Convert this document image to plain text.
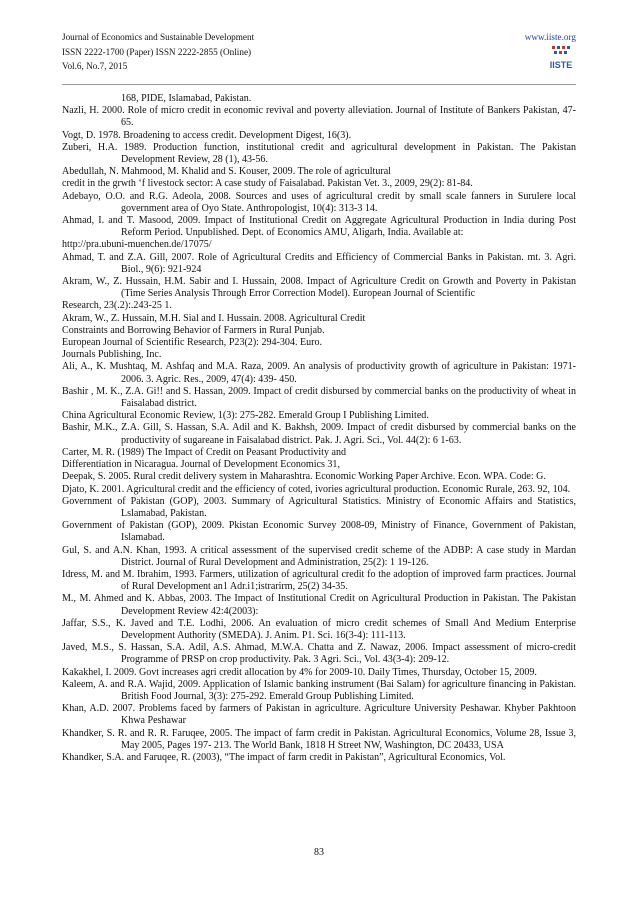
Journal of Economics and Sustainable Development
ISSN 2222-1700 (Paper) ISSN 2222-2855 (Online)
Vol.6, No.7, 2015
www.iiste.org
IISTE

168, PIDE, Islamabad, Pakistan.

Nazli, H. 2000. Role of micro credit in economic revival and poverty alleviation. Journal of Institute of Bankers Pakistan, 47-65.

Vogt, D. 1978. Broadening to access credit. Development Digest, 16(3).

Zuberi, H.A. 1989. Production function, institutional credit and agricultural development in Pakistan. The Pakistan Development Review, 28 (1), 43-56.

Abedullah, N. Mahmood, M. Khalid and S. Kouser, 2009. The role of agricultural

credit in the grwth ‘f livestock sector: A case study of Faisalabad. Pakistan Vet. 3., 2009, 29(2): 81-84.

Adebayo, O.O. and R.G. Adeola, 2008. Sources and uses of agricultural credit by small scale fanners in Surulere local government area of Oyo State. Anthropologist, 10(4): 313-3 14.

Ahmad, I. and T. Masood, 2009. Impact of Institutional Credit on Aggregate Agricultural Production in India during Post Reform Period. Unpublished. Dept. of Economics AMU, Aligarh, India. Available at:

http://pra.ubuni-muenchen.de/17075/

Ahmad, T. and Z.A. Gill, 2007. Role of Agricultural Credits and Efficiency of Commercial Banks in Pakistan. mt. 3. Agri. Biol., 9(6): 921-924

Akram, W., Z. Hussain, H.M. Sabir and I. Hussain, 2008. Impact of Agriculture Credit on Growth and Poverty in Pakistan (Time Series Analysis Through Error Correction Model). European Journal of Scientific

Research, 23(.2):.243-25 1.

Akram, W., Z. Hussain, M.H. Sial and I. Hussain. 2008. Agricultural Credit

Constraints and Borrowing Behavior of Farmers in Rural Punjab.

European Journal of Scientific Research, P23(2): 294-304. Euro.

Journals Publishing, Inc.

Ali, A., K. Mushtaq, M. Ashfaq and M.A. Raza, 2009. An analysis of productivity growth of agriculture in Pakistan: 1971-2006. 3. Agric. Res., 2009, 47(4): 439- 450.

Bashir , M. K., Z.A. Gi!! and S. Hassan, 2009. Impact of credit disbursed by commercial banks on the productivity of wheat in Faisalabad district.

China Agricultural Economic Review, 1(3): 275-282. Emerald Group I Publishing Limited.

Bashir, M.K., Z.A. Gill, S. Hassan, S.A. Adil and K. Bakhsh, 2009. Impact of credit disbursed by commercial banks on the productivity of sugareane in Faisalabad district. Pak. J. Agri. Sci., Vol. 44(2): 6 1-63.

Carter, M. R. (1989) The Impact of Credit on Peasant Productivity and

Differentiation in Nicaragua. Journal of Development Economics 31,

Deepak, S. 2005. Rural credit delivery system in Maharashtra. Economic Working Paper Archive. Econ. WPA. Code: G.

Djato, K. 2001. Agricultural credit and the efficiency of coted, ivories agricultural production. Economic Rurale, 263. 92, 104.

Government of Pakistan (GOP), 2003. Summary of Agricultural Statistics. Ministry of Economic Affairs and Statistics, Lslamabad, Pakistan.

Government of Pakistan (GOP), 2009. Pkistan Economic Survey 2008-09, Ministry of Finance, Government of Pakistan, Islamabad.

Gul, S. and A.N. Khan, 1993. A critical assessment of the supervised credit scheme of the ADBP: A case study in Mardan District. Journal of Rural Development and Administration, 25(2): 1 19-126.

Idress, M. and M. Ibrahim, 1993. Farmers, utilization of agricultural credit fo the adoption of improved farm practices. Journal of Rural Development an1 Adr.i1;istrarirm, 25(2) 34-35.

M., M. Ahmed and K. Abbas, 2003. The Impact of Institutional Credit on Agricultural Production in Pakistan. The Pakistan Development Review 42:4(2003):

Jaffar, S.S., K. Javed and T.E. Lodhi, 2006. An evaluation of micro credit schemes of Small And Medium Enterprise Development Authority (SMEDA). J. Anim. P1. Sci. 16(3-4): 111-113.

Javed, M.S., S. Hassan, S.A. Adil, A.S. Ahmad, M.W.A. Chatta and Z. Nawaz, 2006. Impact assessment of micro-credit Programme of PRSP on crop productivity. Pak. 3 Agri. Sci., Vol. 43(3-4): 209-12.

Kakakhel, I. 2009. Govt increases agri credit allocation by 4% for 2009-10. Daily Times, Thursday, October 15, 2009.

Kaleem, A. and R.A. Wajid, 2009. Application of Islamic banking instrument (Bai Salam) for agriculture financing in Pakistan. British Food Journal, 3(3): 275-292. Emerald Group Publishing Limited.

Khan, A.D. 2007. Problems faced by farmers of Pakistan in agriculture. Agriculture University Peshawar. Khyber Pakhtoon Khwa Peshawar

Khandker, S. R. and R. R. Faruqee, 2005. The impact of farm credit in Pakistan. Agricultural Economics, Volume 28, Issue 3, May 2005, Pages 197- 213. The World Bank, 1818 H Street NW, Washington, DC 20433, USA

Khandker, S.A. and Faruqee, R. (2003), “The impact of farm credit in Pakistan”, Agricultural Economics, Vol.

83
